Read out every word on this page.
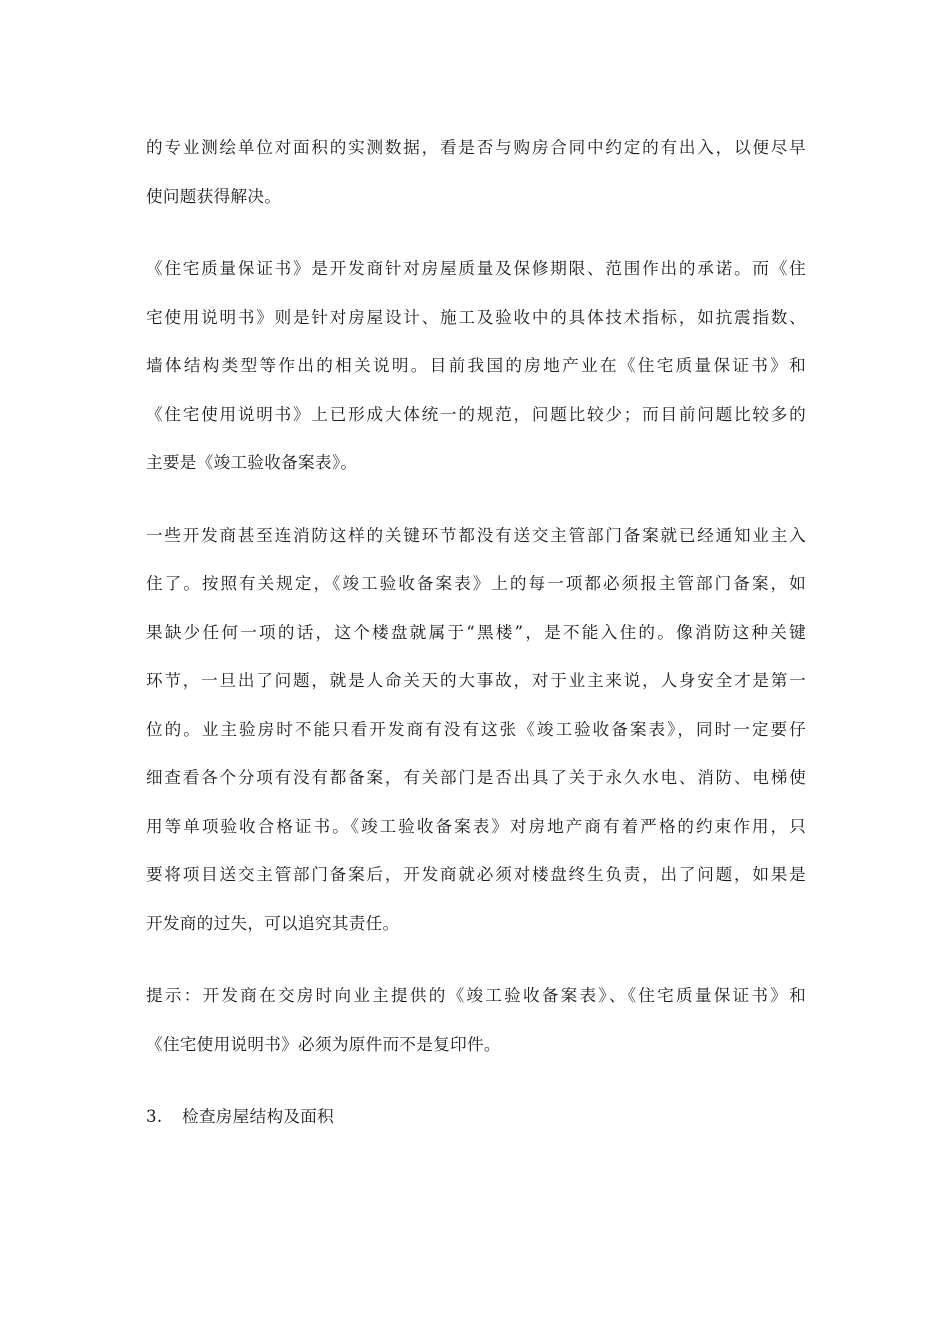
的专业测绘单位对面积的实测数据，看是否与购房合同中约定的有出入，以便尽早
使问题获得解决。

《住宅质量保证书》是开发商针对房屋质量及保修期限、范围作出的承诺。而《住
宅使用说明书》则是针对房屋设计、施工及验收中的具体技术指标，如抗震指数、
墙体结构类型等作出的相关说明。目前我国的房地产业在《住宅质量保证书》和
《住宅使用说明书》上已形成大体统一的规范，问题比较少；而目前问题比较多的
主要是《竣工验收备案表》。

一些开发商甚至连消防这样的关键环节都没有送交主管部门备案就已经通知业主入
住了。按照有关规定，《竣工验收备案表》上的每一项都必须报主管部门备案，如
果缺少任何一项的话，这个楼盘就属于“黑楼”，是不能入住的。像消防这种关键
环节，一旦出了问题，就是人命关天的大事故，对于业主来说，人身安全才是第一
位的。业主验房时不能只看开发商有没有这张《竣工验收备案表》，同时一定要仔
细查看各个分项有没有都备案，有关部门是否出具了关于永久水电、消防、电梯使
用等单项验收合格证书。《竣工验收备案表》对房地产商有着严格的约束作用，只
要将项目送交主管部门备案后，开发商就必须对楼盘终生负责，出了问题，如果是
开发商的过失，可以追究其责任。

提示：开发商在交房时向业主提供的《竣工验收备案表》、《住宅质量保证书》和
《住宅使用说明书》必须为原件而不是复印件。

3.	检查房屋结构及面积
